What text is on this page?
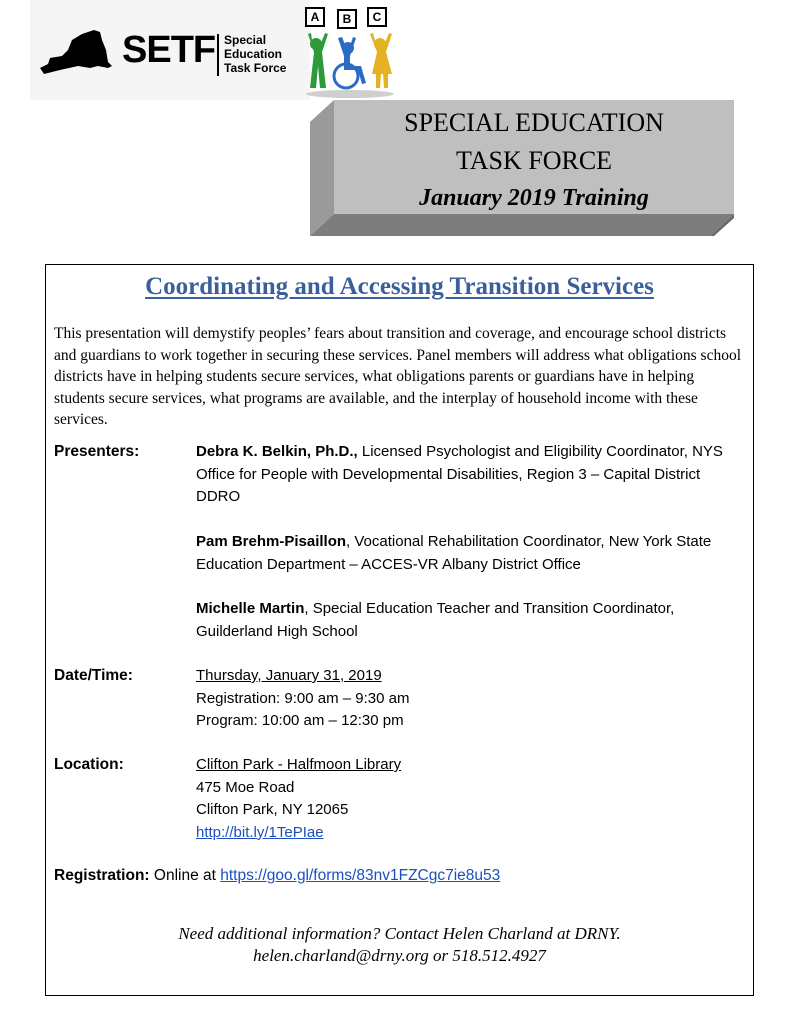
SETF Special
Education
Task Force
A B C
SPECIAL EDUCATION
TASK FORCE
January 2019 Training
Coordinating and Accessing Transition Services

This presentation will demystify peoples’ fears about transition and coverage, and encourage school districts and guardians to work together in securing these services. Panel members will address what obligations school districts have in helping students secure services, what obligations parents or guardians have in helping students secure services, what programs are available, and the interplay of household income with these services.

Presenters:	Debra K. Belkin, Ph.D., Licensed Psychologist and Eligibility Coordinator, NYS Office for People with Developmental Disabilities, Region 3 – Capital District DDRO
Pam Brehm-Pisaillon, Vocational Rehabilitation Coordinator, New York State Education Department – ACCES-VR Albany District Office
Michelle Martin, Special Education Teacher and Transition Coordinator, Guilderland High School
Date/Time:	Thursday, January 31, 2019
Registration: 9:00 am – 9:30 am
Program: 10:00 am – 12:30 pm
Location:	Clifton Park - Halfmoon Library
475 Moe Road
Clifton Park, NY 12065
http://bit.ly/1TePIae
Registration: Online at https://goo.gl/forms/83nv1FZCgc7ie8u53
Need additional information? Contact Helen Charland at DRNY.
helen.charland@drny.org or 518.512.4927
